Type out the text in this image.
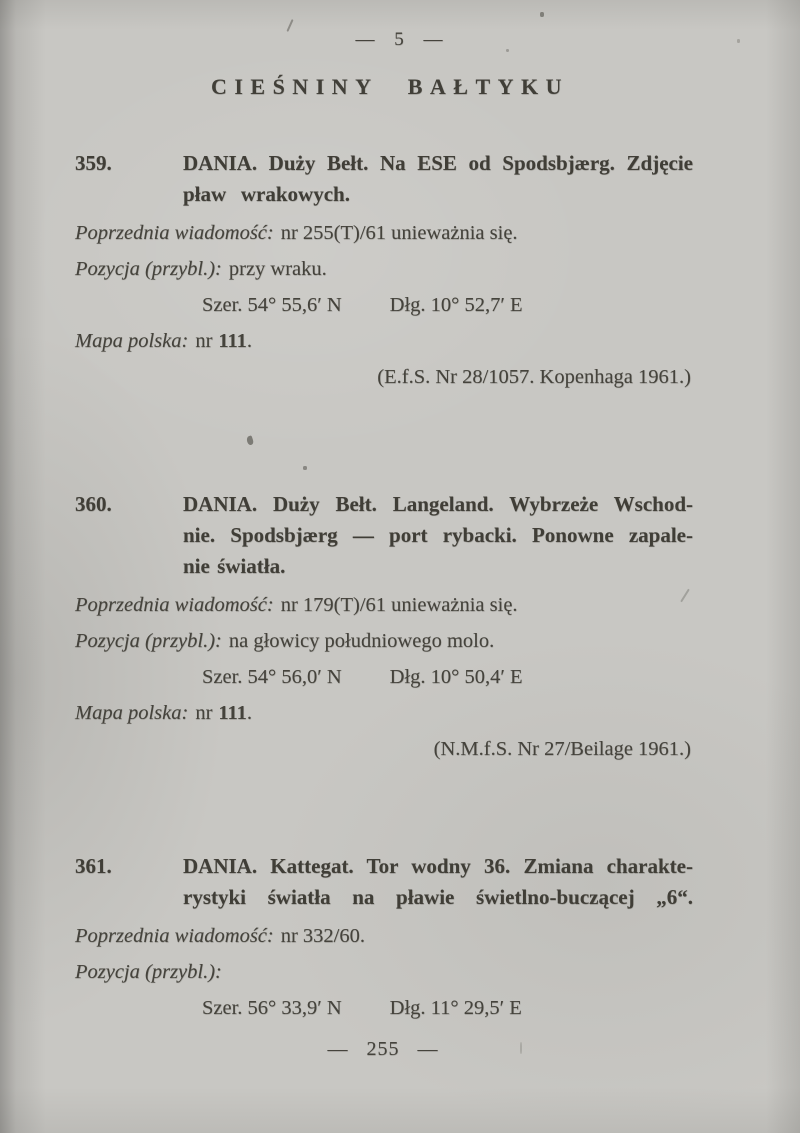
— 5 —
CIEŚNINY BAŁTYKU
359.	DANIA. Duży Bełt. Na ESE od Spodsbjærg. Zdjęcie
pław wrakowych.
Poprzednia wiadomość: nr 255(T)/61 unieważnia się.
Pozycja (przybl.): przy wraku.
Szer. 54° 55,6′ N Dłg. 10° 52,7′ E
Mapa polska: nr 111.
(E.f.S. Nr 28/1057. Kopenhaga 1961.)
360.	DANIA. Duży Bełt. Langeland. Wybrzeże Wschod-
nie. Spodsbjærg — port rybacki. Ponowne zapale-
nie światła.
Poprzednia wiadomość: nr 179(T)/61 unieważnia się.
Pozycja (przybl.): na głowicy południowego molo.
Szer. 54° 56,0′ N Dłg. 10° 50,4′ E
Mapa polska: nr 111.
(N.M.f.S. Nr 27/Beilage 1961.)
361.	DANIA. Kattegat. Tor wodny 36. Zmiana charakte-
rystyki światła na pławie świetlno-buczącej „6“.
Poprzednia wiadomość: nr 332/60.
Pozycja (przybl.):
Szer. 56° 33,9′ N Dłg. 11° 29,5′ E
— 255 —
